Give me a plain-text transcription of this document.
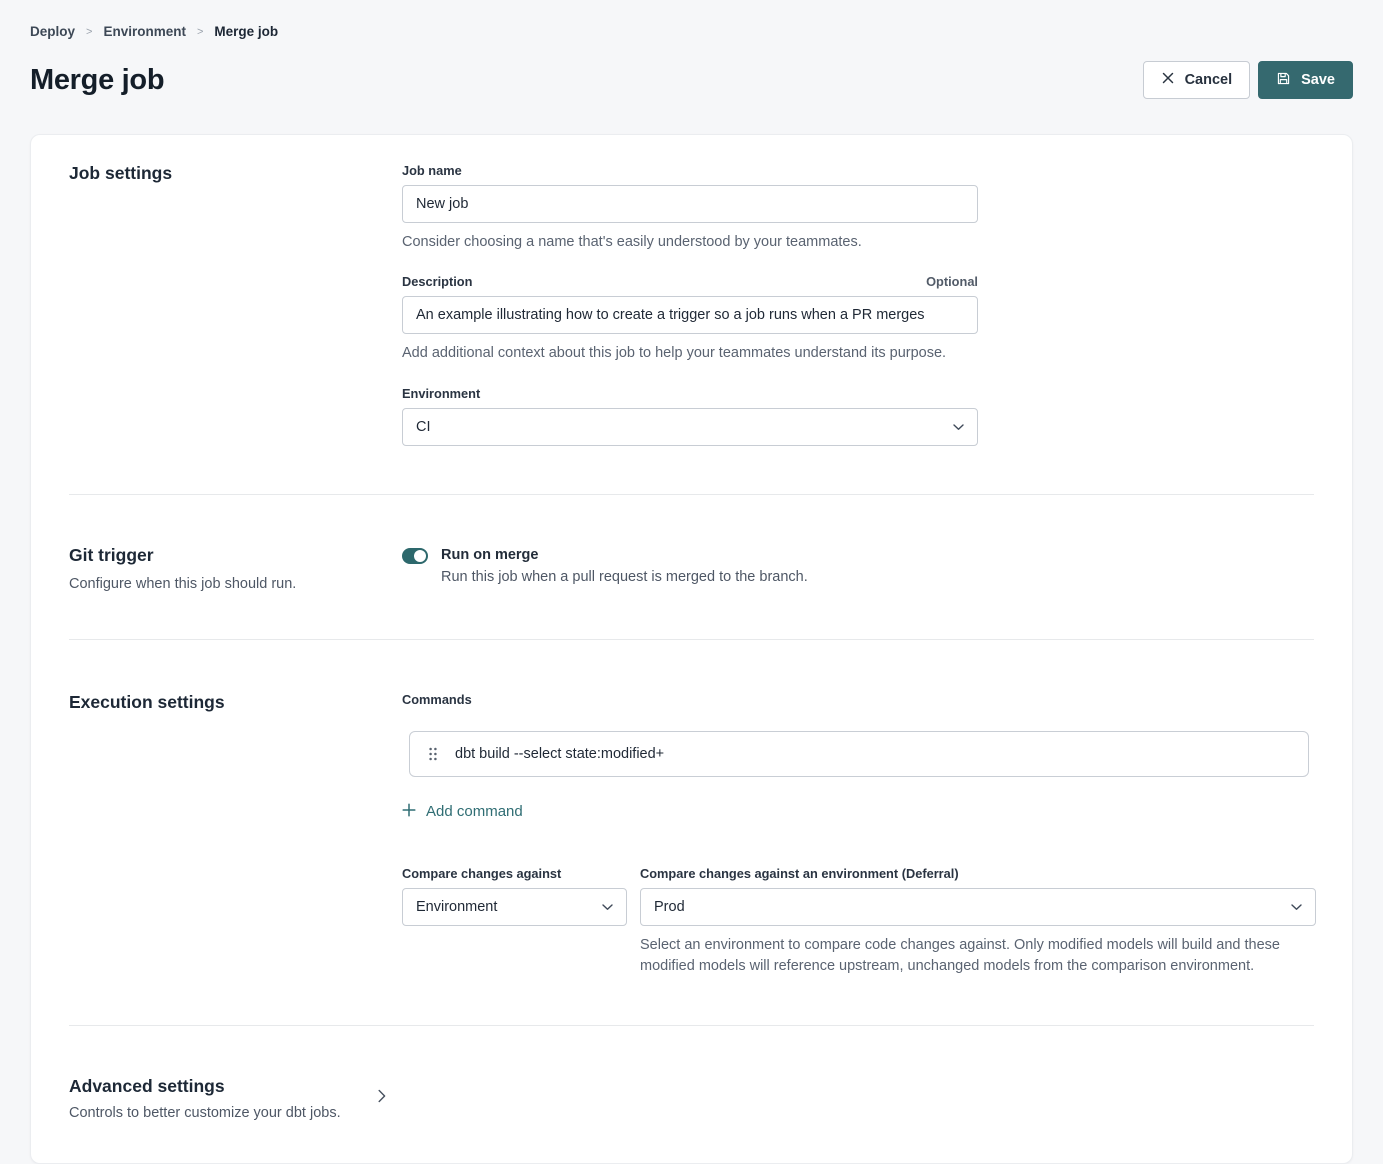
Deploy > Environment > Merge job
Merge job	Cancel	Save
Job settings	Job name
New job
Consider choosing a name that's easily understood by your teammates.
Description	Optional
An example illustrating how to create a trigger so a job runs when a PR merges
Add additional context about this job to help your teammates understand its purpose.
Environment
CI
Git trigger
Configure when this job should run.
Run on merge
Run this job when a pull request is merged to the branch.
Execution settings	Commands
dbt build --select state:modified+
Add command
Compare changes against
Environment
Compare changes against an environment (Deferral)
Prod
Select an environment to compare code changes against. Only modified models will build and these modified models will reference upstream, unchanged models from the comparison environment.
Advanced settings
Controls to better customize your dbt jobs.
